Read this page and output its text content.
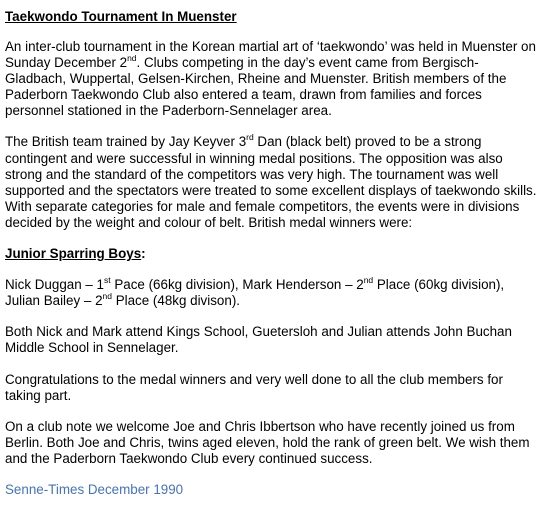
Taekwondo Tournament In Muenster

An inter-club tournament in the Korean martial art of ‘taekwondo’ was held in Muenster on Sunday December 2nd. Clubs competing in the day’s event came from Bergisch-Gladbach, Wuppertal, Gelsen-Kirchen, Rheine and Muenster. British members of the Paderborn Taekwondo Club also entered a team, drawn from families and forces personnel stationed in the Paderborn-Sennelager area.

The British team trained by Jay Keyver 3rd Dan (black belt) proved to be a strong contingent and were successful in winning medal positions. The opposition was also strong and the standard of the competitors was very high. The tournament was well supported and the spectators were treated to some excellent displays of taekwondo skills. With separate categories for male and female competitors, the events were in divisions decided by the weight and colour of belt. British medal winners were:

Junior Sparring Boys:

Nick Duggan – 1st Pace (66kg division), Mark Henderson – 2nd Place (60kg division), Julian Bailey – 2nd Place (48kg divison).

Both Nick and Mark attend Kings School, Guetersloh and Julian attends John Buchan Middle School in Sennelager.

Congratulations to the medal winners and very well done to all the club members for taking part.

On a club note we welcome Joe and Chris Ibbertson who have recently joined us from Berlin. Both Joe and Chris, twins aged eleven, hold the rank of green belt. We wish them and the Paderborn Taekwondo Club every continued success.

Senne-Times December 1990
